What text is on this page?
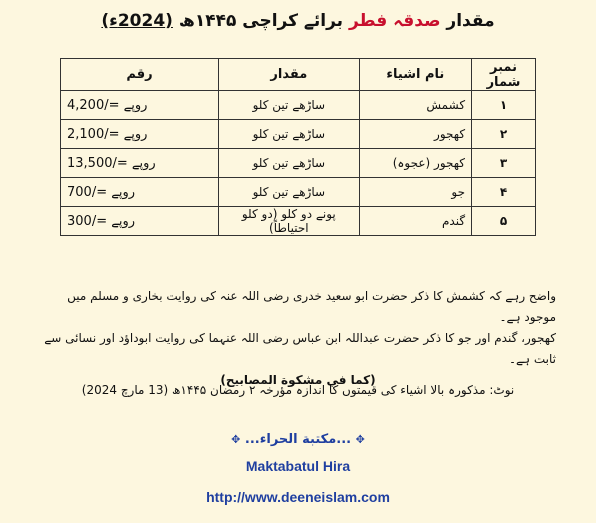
مقدار صدقہ فطر برائے کراچی ۱۴۴۵ھ (2024ء)
نمبر شمار	نام اشیاء	مقدار	رقم
۱	کشمش	ساڑھے تین کلو	4,200/= روپے
۲	کھجور	ساڑھے تین کلو	2,100/= روپے
۳	کھجور (عجوہ)	ساڑھے تین کلو	13,500/= روپے
۴	جو	ساڑھے تین کلو	700/= روپے
۵	گندم	پونے دو کلو (دو کلو احتیاطاً)	300/= روپے
واضح رہے کہ کشمش کا ذکر حضرت ابو سعید خدری رضی اللہ عنہ کی روایت بخاری و مسلم میں موجود ہے۔
کھجور، گندم اور جو کا ذکر حضرت عبداللہ ابن عباس رضی اللہ عنہما کی روایت ابوداؤد اور نسائی سے ثابت ہے۔
(كما في مشكوة المصابيح)
نوٹ: مذکورہ بالا اشیاء کی قیمتوں کا اندازہ مؤرخہ ۲ رمضان ۱۴۴۵ھ (13 مارچ 2024)
✥ ...مكتبة الحراء... ✥
Maktabatul Hira
http://www.deeneislam.com
